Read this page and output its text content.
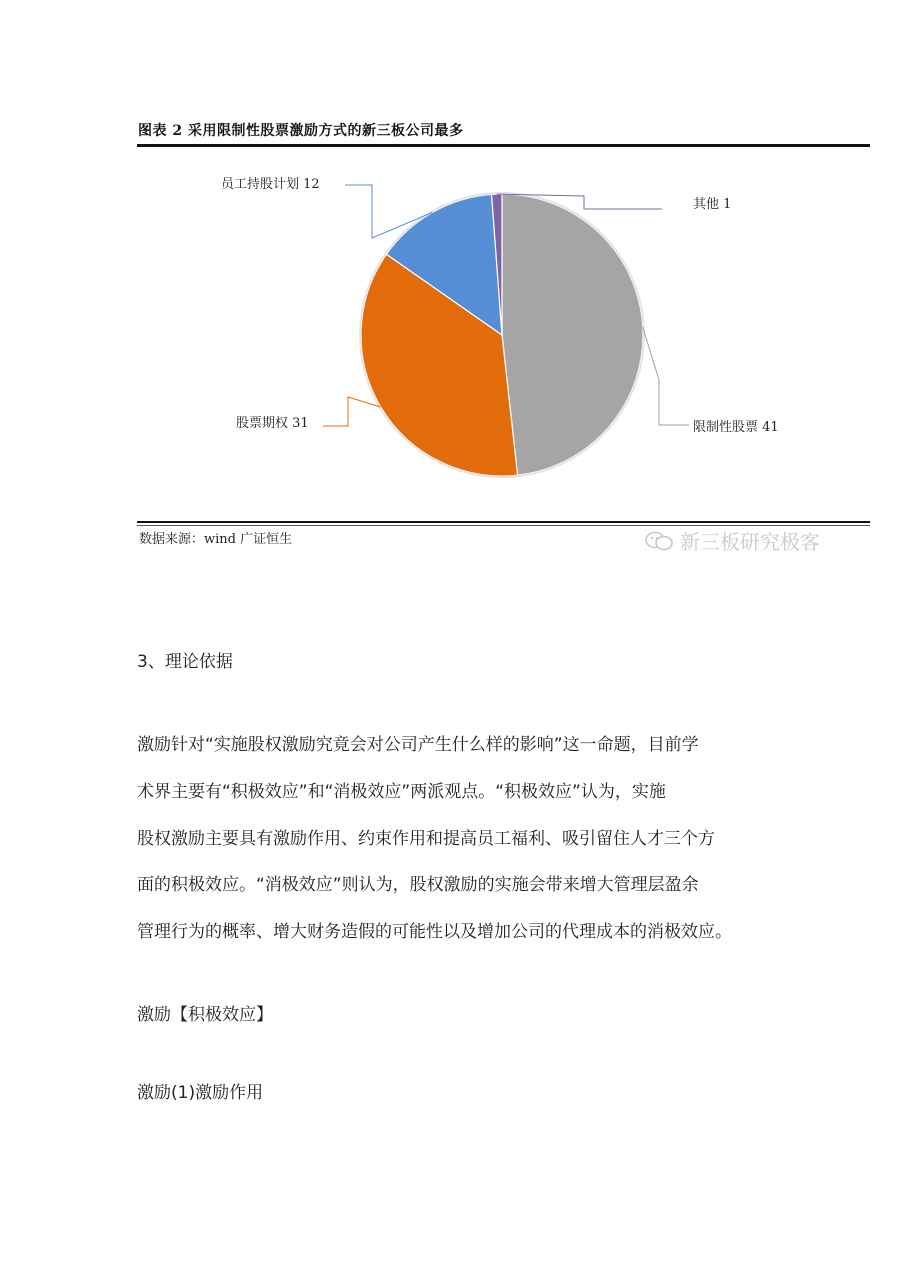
图表 2 采用限制性股票激励方式的新三板公司最多
限制性股票 41
股票期权 31
员工持股计划 12
其他 1
数据来源：wind 广证恒生	新三板研究极客
3、理论依据
激励针对“实施股权激励究竟会对公司产生什么样的影响”这一命题，目前学
术界主要有“积极效应”和“消极效应”两派观点。“积极效应”认为，实施
股权激励主要具有激励作用、约束作用和提高员工福利、吸引留住人才三个方
面的积极效应。“消极效应”则认为，股权激励的实施会带来增大管理层盈余
管理行为的概率、增大财务造假的可能性以及增加公司的代理成本的消极效应。
激励【积极效应】
激励(1)激励作用
